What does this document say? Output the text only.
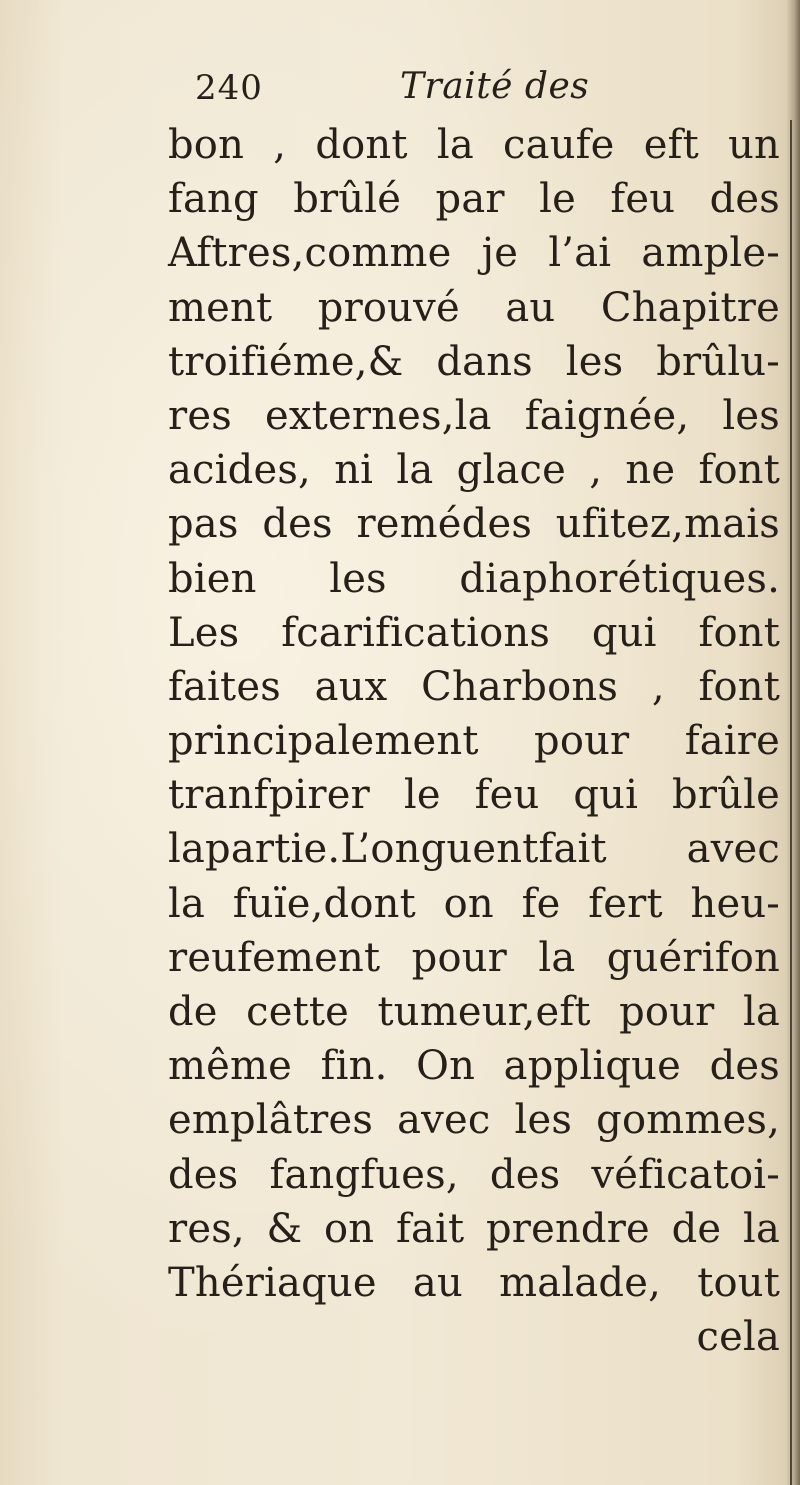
240	Traité des
bon , dont la caufe eft un
fang brûlé par le feu des
Aftres,comme je l’ai ample-
ment prouvé au Chapitre
troifiéme,& dans les brûlu-
res externes,la faignée, les
acides, ni la glace , ne font
pas des remédes ufitez,mais
bien les diaphorétiques.
Les fcarifications qui font
faites aux Charbons , font
principalement pour faire
tranfpirer le feu qui brûle
lapartie.L’onguentfait avec
la fuïe,dont on fe fert heu-
reufement pour la guérifon
de cette tumeur,eft pour la
même fin. On applique des
emplâtres avec les gommes,
des fangfues, des véficatoi-
res, & on fait prendre de la
Thériaque au malade, tout
cela
